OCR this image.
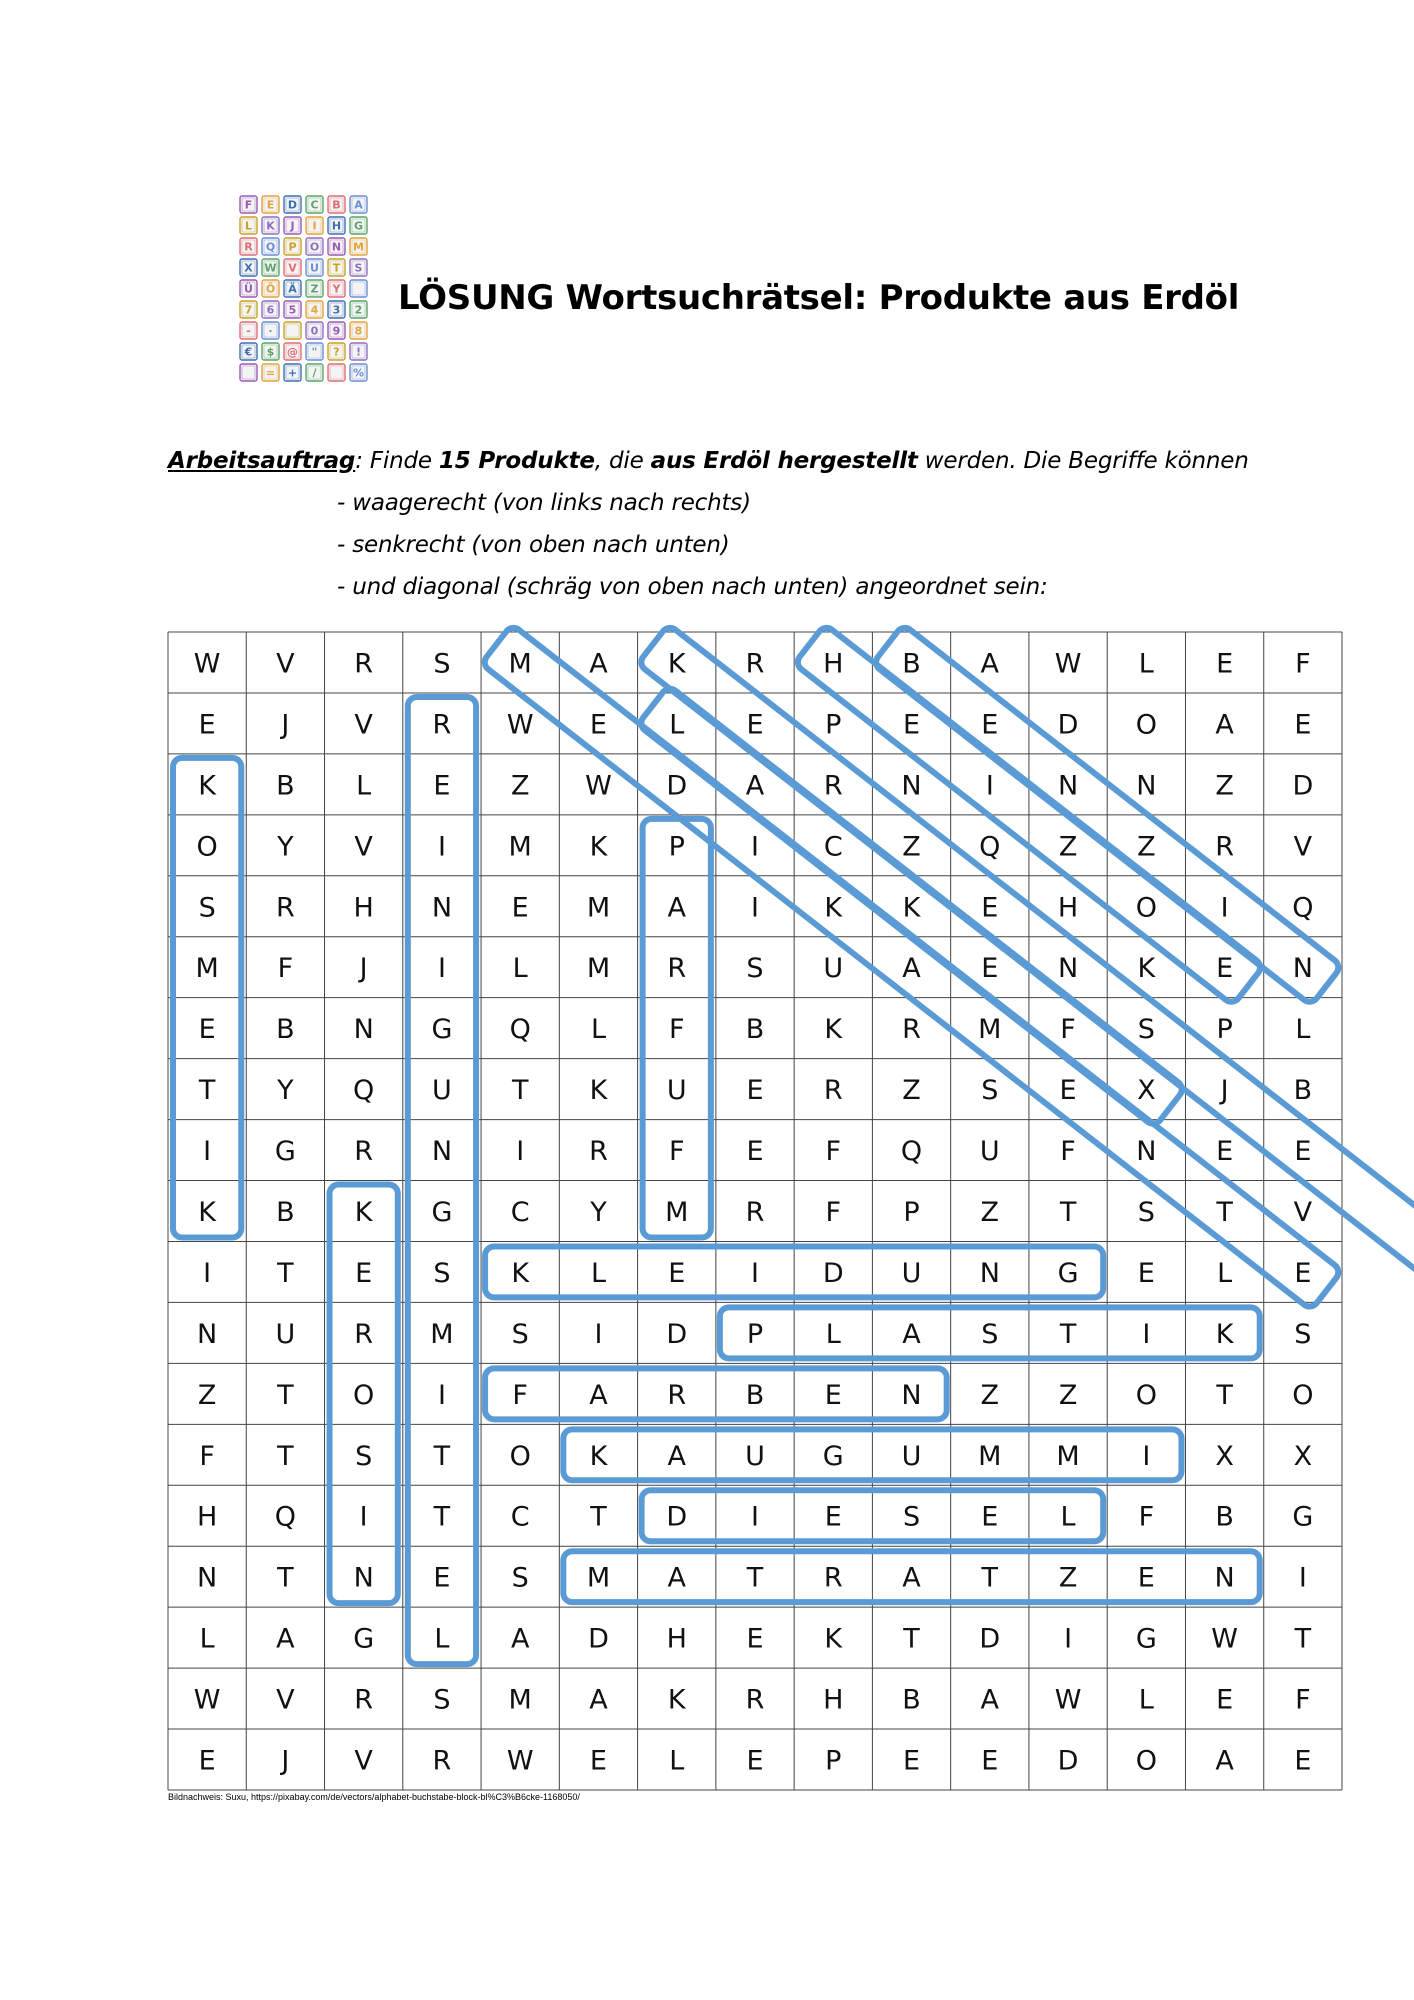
F E D C B A
L K J I H G
R Q P O N M
X W V U T S
Ü Ö Ä Z Y
7 6 5 4 3 2
- ·	0 9 8
€ $ @ " ? !
= + /	%
LÖSUNG Wortsuchrätsel: Produkte aus Erdöl
Arbeitsauftrag: Finde 15 Produkte, die aus Erdöl hergestellt werden. Die Begriffe können
- waagerecht (von links nach rechts)
- senkrecht (von oben nach unten)
- und diagonal (schräg von oben nach unten) angeordnet sein:
W V R S M A K R H B A W L E F
E J V R W E L E P E E D O A E
K B L E Z W D A R N I N N Z D
O Y V I M K P I C Z Q Z Z R V
S R H N E M A I K K E H O I Q
M F J	I L M R S U A E N K E N
E B N G Q L F B K R M F S P L
T Y Q U T K U E R Z S E X J B
I G R N I R F E F Q U F N E E
K B K G C Y M R F P Z T S T V
I T E S K L E I D U N G E L E
N U R M S I D P L A S T I K S
Z T O I F A R B E N Z Z O T O
F T S T O K A U G U M M I X X
H Q I T C T D I E S E L F B G
N T N E S M A T R A T Z E N I
L A G L A D H E K T D I G W T
W V R S M A K R H B A W L E F
E J V R W E L E P E E D O A E
Bildnachweis: Suxu, https://pixabay.com/de/vectors/alphabet-buchstabe-block-bl%C3%B6cke-1168050/
